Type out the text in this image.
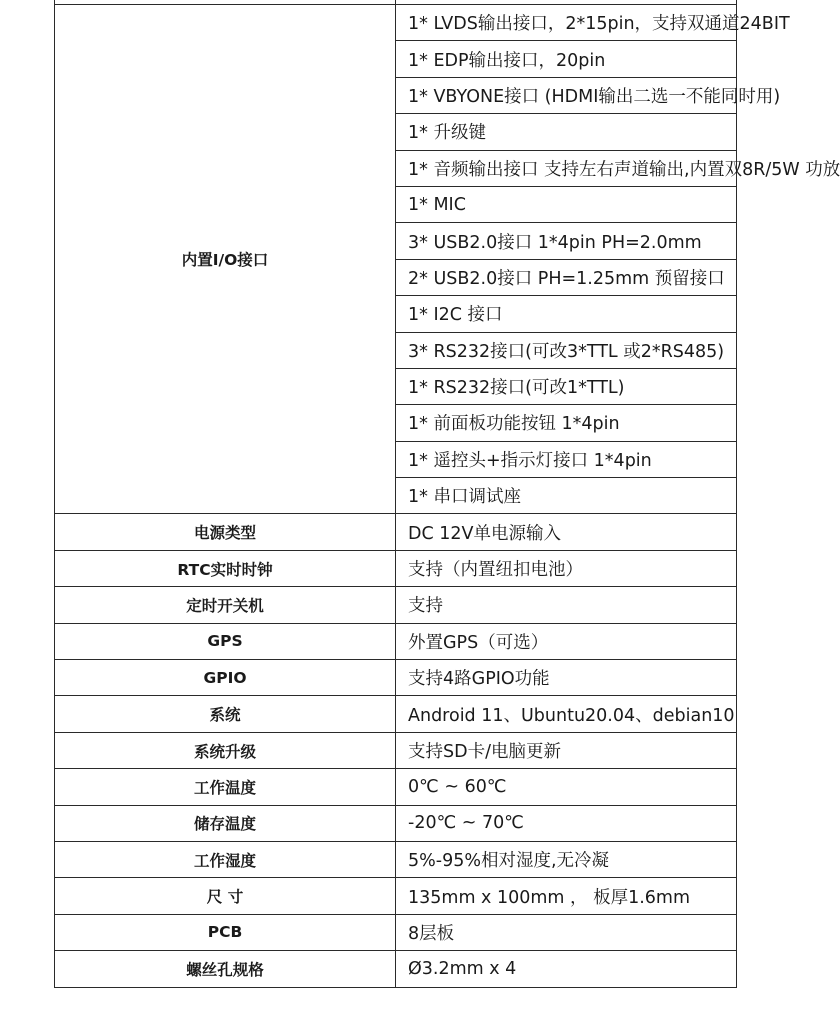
内置I/O接口	1* LVDS输出接口，2*15pin，支持双通道24BIT
	1* EDP输出接口，20pin
	1* VBYONE接口 (HDMI输出二选一不能同时用)
	1* 升级键
	1* 音频输出接口 支持左右声道输出,内置双8R/5W 功放
	1* MIC
	3* USB2.0接口 1*4pin PH=2.0mm
	2* USB2.0接口 PH=1.25mm 预留接口
	1* I2C 接口
	3* RS232接口(可改3*TTL 或2*RS485)
	1* RS232接口(可改1*TTL)
	1* 前面板功能按钮 1*4pin
	1* 遥控头+指示灯接口 1*4pin
	1* 串口调试座
电源类型	DC 12V单电源输入
RTC实时时钟	支持（内置纽扣电池）
定时开关机	支持
GPS	外置GPS（可选）
GPIO	支持4路GPIO功能
系统	Android 11、Ubuntu20.04、debian10
系统升级	支持SD卡/电脑更新
工作温度	0℃ ~ 60℃
储存温度	-20℃ ~ 70℃
工作湿度	5%-95%相对湿度,无冷凝
尺 寸	135mm x 100mm ， 板厚1.6mm
PCB	8层板
螺丝孔规格	Ø3.2mm x 4
